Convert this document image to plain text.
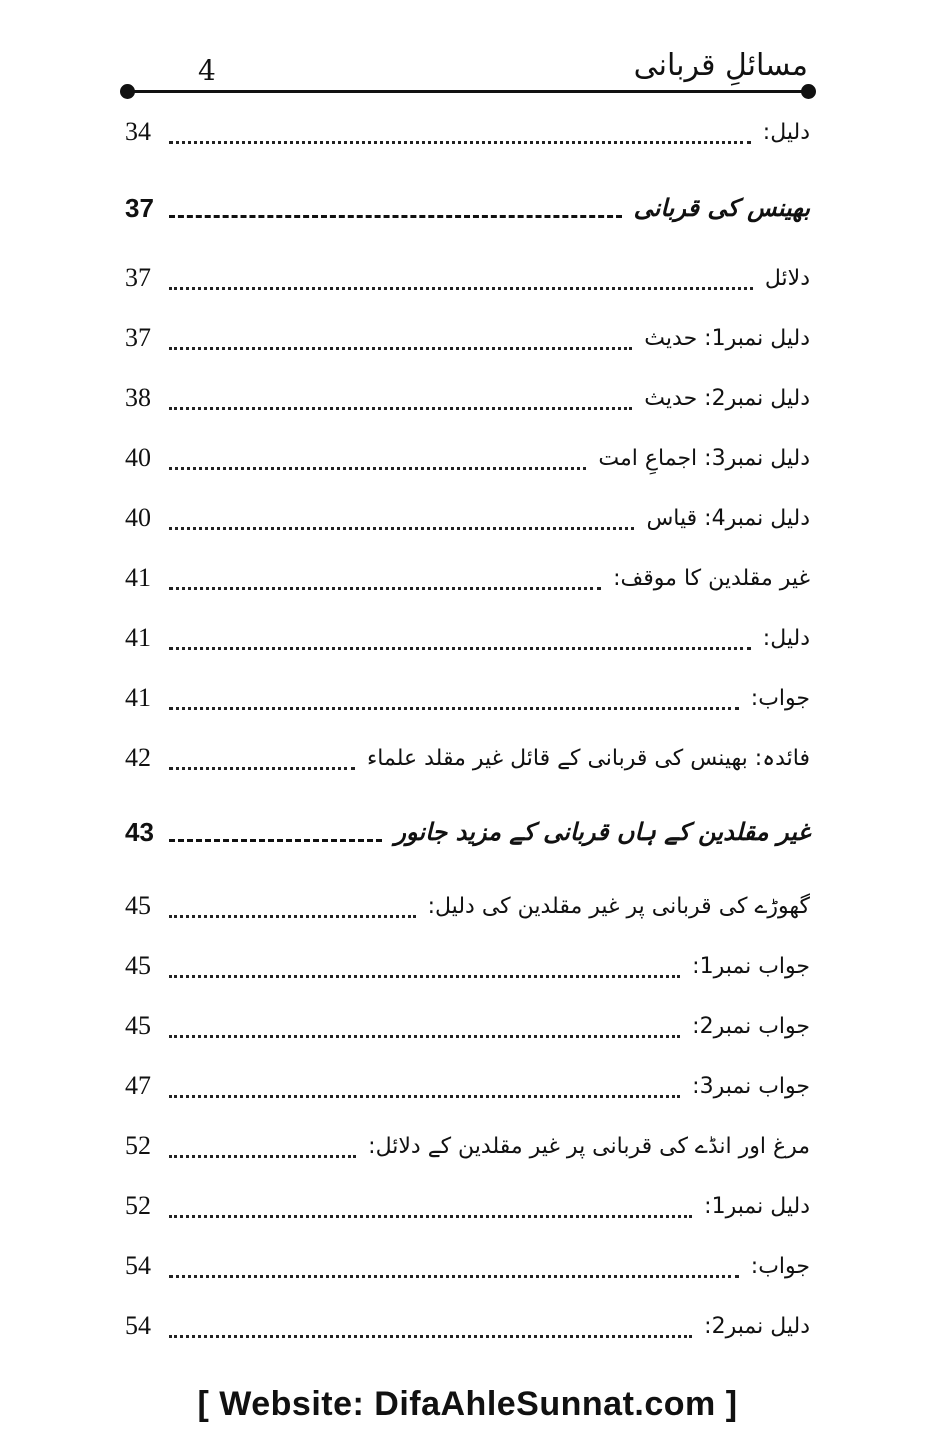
4	مسائلِ قربانی
دلیل:
34
بھینس کی قربانی
37
دلائل
37
دلیل نمبر1: حدیث
37
دلیل نمبر2: حدیث
38
دلیل نمبر3: اجماعِ امت
40
دلیل نمبر4: قیاس
40
غیر مقلدین کا موقف:
41
دلیل:
41
جواب:
41
فائدہ: بھینس کی قربانی کے قائل غیر مقلد علماء
42
غیر مقلدین کے ہاں قربانی کے مزید جانور
43
گھوڑے کی قربانی پر غیر مقلدین کی دلیل:
45
جواب نمبر1:
45
جواب نمبر2:
45
جواب نمبر3:
47
مرغ اور انڈے کی قربانی پر غیر مقلدین کے دلائل:
52
دلیل نمبر1:
52
جواب:
54
دلیل نمبر2:
54
[ Website: DifaAhleSunnat.com ]
